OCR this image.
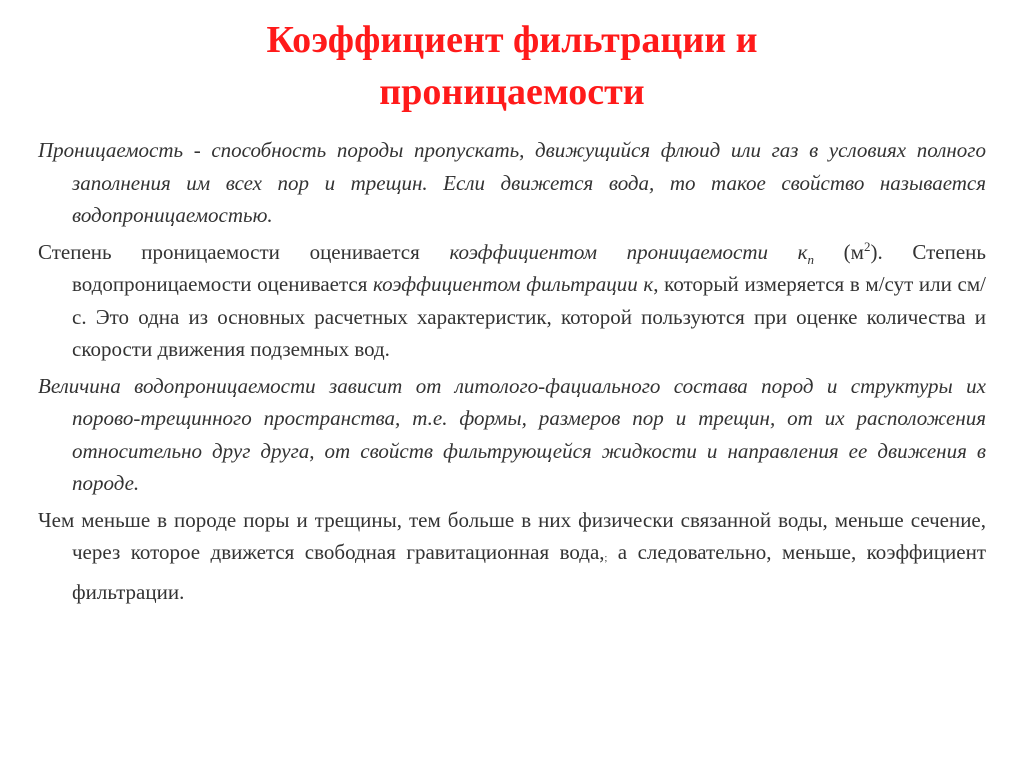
Коэффициент фильтрации и
проницаемости

Проницаемость - способность породы пропускать, движущийся флюид или газ в условиях полного заполнения им всех пор и трещин. Если движется вода, то такое свойство называется водопроницаемостью.

Степень проницаемости оценивается коэффициентом проницаемости $к_п$ $(м^2)$. Степень водопроницаемости оценивается коэффициентом фильтрации к, который измеряется в м/сут или см/с. Это одна из основных расчетных характеристик, которой пользуются при оценке количества и скорости движения подземных вод.

Величина водопроницаемости зависит от литолого-фациального состава пород и структуры их порово-трещинного пространства, т.е. формы, размеров пор и трещин, от их расположения относительно друг друга, от свойств фильтрующейся жидкости и направления ее движения в породе.

Чем меньше в породе поры и трещины, тем больше в них физически связанной воды, меньше сечение, через которое движется свободная гравитационная вода,; а следовательно, меньше, коэффициент фильтрации.
